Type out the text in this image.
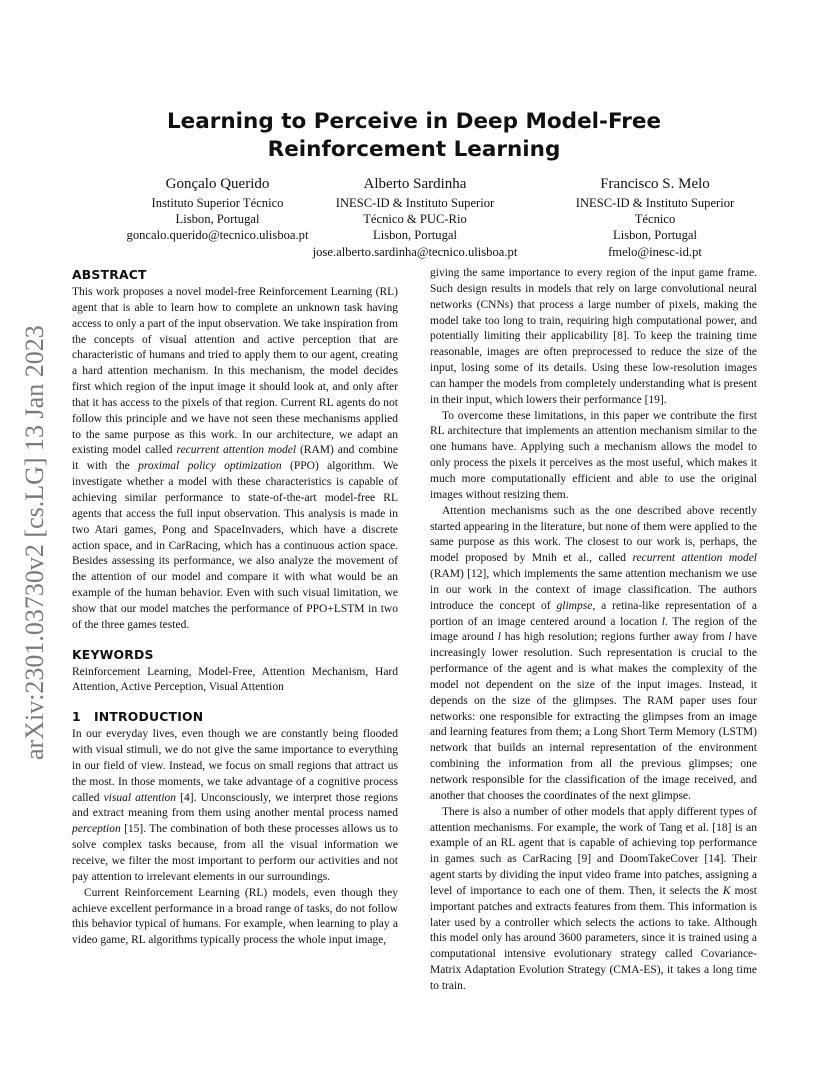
Learning to Perceive in Deep Model-Free Reinforcement Learning
Gonçalo Querido
Instituto Superior Técnico
Lisbon, Portugal
goncalo.querido@tecnico.ulisboa.pt
Alberto Sardinha
INESC-ID & Instituto Superior
Técnico & PUC-Rio
Lisbon, Portugal
jose.alberto.sardinha@tecnico.ulisboa.pt
Francisco S. Melo
INESC-ID & Instituto Superior
Técnico
Lisbon, Portugal
fmelo@inesc-id.pt
arXiv:2301.03730v2 [cs.LG] 13 Jan 2023
ABSTRACT

This work proposes a novel model-free Reinforcement Learning (RL) agent that is able to learn how to complete an unknown task having access to only a part of the input observation. We take inspiration from the concepts of visual attention and active perception that are characteristic of humans and tried to apply them to our agent, creating a hard attention mechanism. In this mechanism, the model decides first which region of the input image it should look at, and only after that it has access to the pixels of that region. Current RL agents do not follow this principle and we have not seen these mechanisms applied to the same purpose as this work. In our architecture, we adapt an existing model called recurrent attention model (RAM) and combine it with the proximal policy optimization (PPO) algorithm. We investigate whether a model with these characteristics is capable of achieving similar performance to state-of-the-art model-free RL agents that access the full input observation. This analysis is made in two Atari games, Pong and SpaceInvaders, which have a discrete action space, and in CarRacing, which has a continuous action space. Besides assessing its performance, we also analyze the movement of the attention of our model and compare it with what would be an example of the human behavior. Even with such visual limitation, we show that our model matches the performance of PPO+LSTM in two of the three games tested.

KEYWORDS

Reinforcement Learning, Model-Free, Attention Mechanism, Hard Attention, Active Perception, Visual Attention

1 INTRODUCTION

In our everyday lives, even though we are constantly being flooded with visual stimuli, we do not give the same importance to everything in our field of view. Instead, we focus on small regions that attract us the most. In those moments, we take advantage of a cognitive process called visual attention [4]. Unconsciously, we interpret those regions and extract meaning from them using another mental process named perception [15]. The combination of both these processes allows us to solve complex tasks because, from all the visual information we receive, we filter the most important to perform our activities and not pay attention to irrelevant elements in our surroundings.

Current Reinforcement Learning (RL) models, even though they achieve excellent performance in a broad range of tasks, do not follow this behavior typical of humans. For example, when learning to play a video game, RL algorithms typically process the whole input image,

giving the same importance to every region of the input game frame. Such design results in models that rely on large convolutional neural networks (CNNs) that process a large number of pixels, making the model take too long to train, requiring high computational power, and potentially limiting their applicability [8]. To keep the training time reasonable, images are often preprocessed to reduce the size of the input, losing some of its details. Using these low-resolution images can hamper the models from completely understanding what is present in their input, which lowers their performance [19].

To overcome these limitations, in this paper we contribute the first RL architecture that implements an attention mechanism similar to the one humans have. Applying such a mechanism allows the model to only process the pixels it perceives as the most useful, which makes it much more computationally efficient and able to use the original images without resizing them.

Attention mechanisms such as the one described above recently started appearing in the literature, but none of them were applied to the same purpose as this work. The closest to our work is, perhaps, the model proposed by Mnih et al., called recurrent attention model (RAM) [12], which implements the same attention mechanism we use in our work in the context of image classification. The authors introduce the concept of glimpse, a retina-like representation of a portion of an image centered around a location l. The region of the image around l has high resolution; regions further away from l have increasingly lower resolution. Such representation is crucial to the performance of the agent and is what makes the complexity of the model not dependent on the size of the input images. Instead, it depends on the size of the glimpses. The RAM paper uses four networks: one responsible for extracting the glimpses from an image and learning features from them; a Long Short Term Memory (LSTM) network that builds an internal representation of the environment combining the information from all the previous glimpses; one network responsible for the classification of the image received, and another that chooses the coordinates of the next glimpse.

There is also a number of other models that apply different types of attention mechanisms. For example, the work of Tang et al. [18] is an example of an RL agent that is capable of achieving top performance in games such as CarRacing [9] and DoomTakeCover [14]. Their agent starts by dividing the input video frame into patches, assigning a level of importance to each one of them. Then, it selects the K most important patches and extracts features from them. This information is later used by a controller which selects the actions to take. Although this model only has around 3600 parameters, since it is trained using a computational intensive evolutionary strategy called Covariance-Matrix Adaptation Evolution Strategy (CMA-ES), it takes a long time to train.
